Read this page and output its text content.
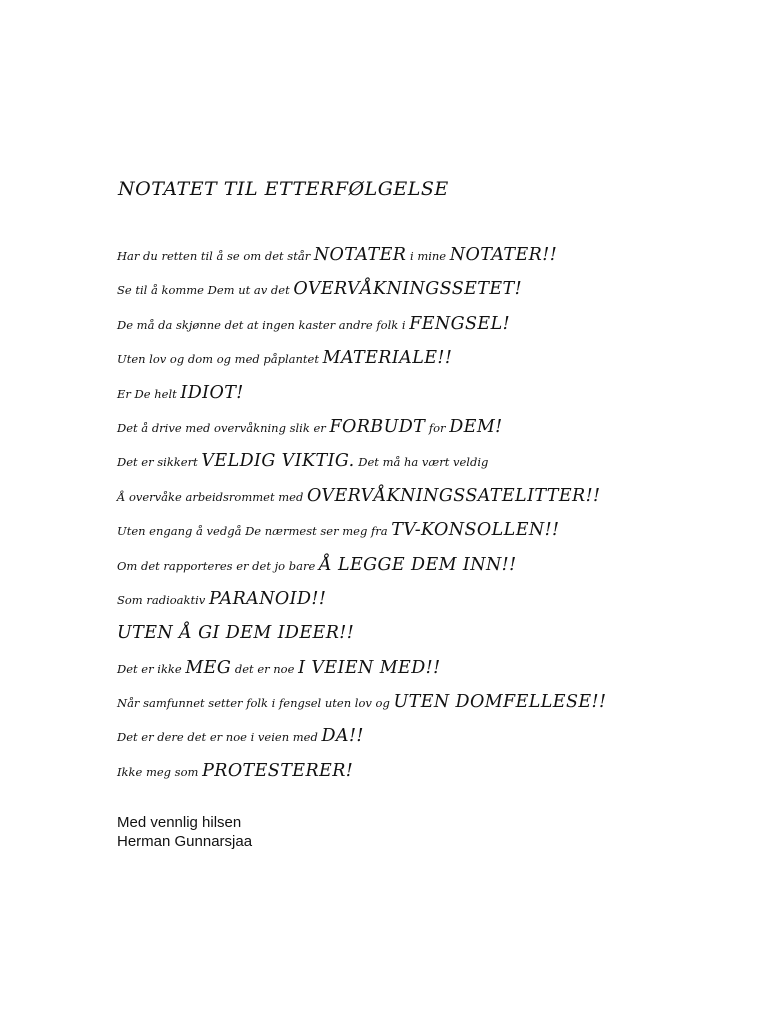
NOTATET TIL ETTERFØLGELSE
Har du retten til å se om det står NOTATER i mine NOTATER!!
Se til å komme Dem ut av det OVERVÅKNINGSSETET!
De må da skjønne det at ingen kaster andre folk i FENGSEL!
Uten lov og dom og med påplantet MATERIALE!!
Er De helt IDIOT!
Det å drive med overvåkning slik er FORBUDT for DEM!
Det er sikkert VELDIG VIKTIG. Det må ha vært veldig
Å overvåke arbeidsrommet med OVERVÅKNINGSSATELITTER!!
Uten engang å vedgå De nærmest ser meg fra TV-KONSOLLEN!!
Om det rapporteres er det jo bare Å LEGGE DEM INN!!
Som radioaktiv PARANOID!!
UTEN Å GI DEM IDEER!!
Det er ikke MEG det er noe I VEIEN MED!!
Når samfunnet setter folk i fengsel uten lov og UTEN DOMFELLESE!!
Det er dere det er noe i veien med DA!!
Ikke meg som PROTESTERER!
Med vennlig hilsen
Herman Gunnarsjaa
